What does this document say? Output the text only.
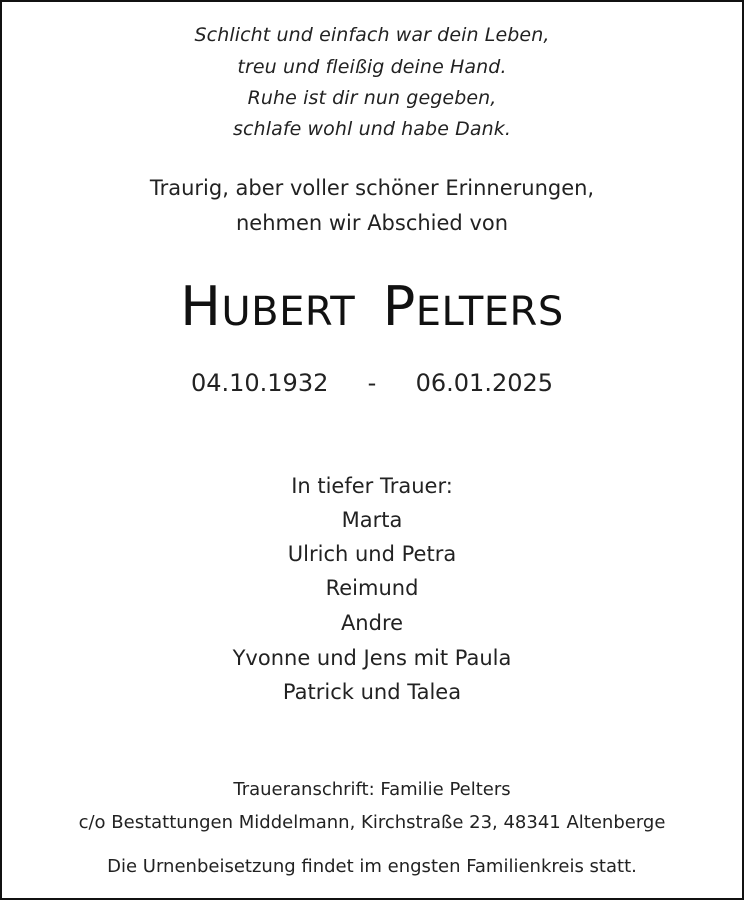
Schlicht und einfach war dein Leben,
treu und fleißig deine Hand.
Ruhe ist dir nun gegeben,
schlafe wohl und habe Dank.
Traurig, aber voller schöner Erinnerungen,
nehmen wir Abschied von
HUBERT  PELTERS
04.10.1932 - 06.01.2025
In tiefer Trauer:
Marta
Ulrich und Petra
Reimund
Andre
Yvonne und Jens mit Paula
Patrick und Talea
Traueranschrift: Familie Pelters
c/o Bestattungen Middelmann, Kirchstraße 23, 48341 Altenberge
Die Urnenbeisetzung findet im engsten Familienkreis statt.
